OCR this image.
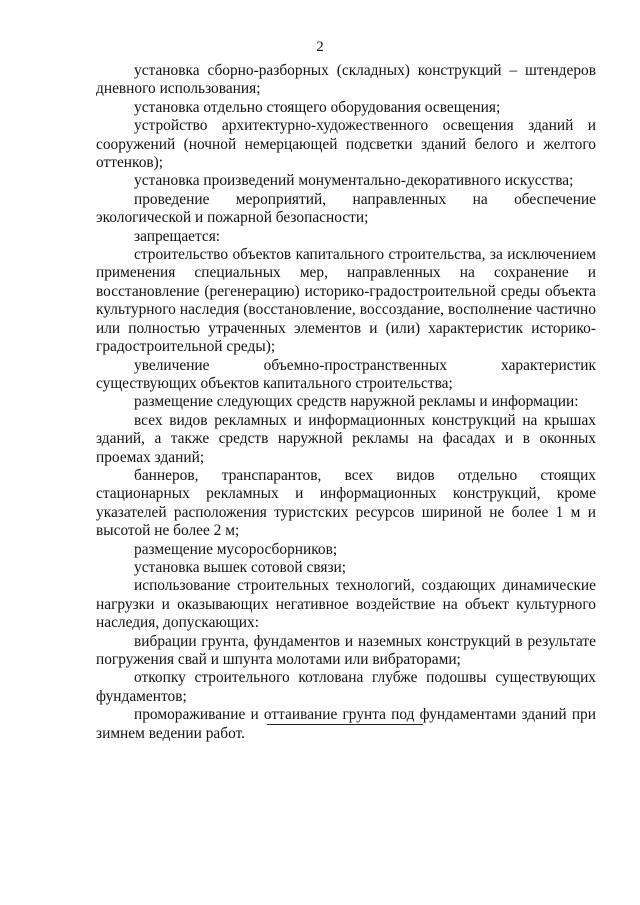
2

установка сборно-разборных (складных) конструкций – штендеров дневного использования;

установка отдельно стоящего оборудования освещения;

устройство архитектурно-художественного освещения зданий и сооружений (ночной немерцающей подсветки зданий белого и желтого оттенков);

установка произведений монументально-декоративного искусства;

проведение мероприятий, направленных на обеспечение экологической и пожарной безопасности;

запрещается:

строительство объектов капитального строительства, за исключением применения специальных мер, направленных на сохранение и восстановление (регенерацию) историко-градостроительной среды объекта культурного наследия (восстановление, воссоздание, восполнение частично или полностью утраченных элементов и (или) характеристик историко-градостроительной среды);

увеличение объемно-пространственных характеристик существующих объектов капитального строительства;

размещение следующих средств наружной рекламы и информации:

всех видов рекламных и информационных конструкций на крышах зданий, а также средств наружной рекламы на фасадах и в оконных проемах зданий;

баннеров, транспарантов, всех видов отдельно стоящих стационарных рекламных и информационных конструкций, кроме указателей расположения туристских ресурсов шириной не более 1 м и высотой не более 2 м;

размещение мусоросборников;

установка вышек сотовой связи;

использование строительных технологий, создающих динамические нагрузки и оказывающих негативное воздействие на объект культурного наследия, допускающих:

вибрации грунта, фундаментов и наземных конструкций в результате погружения свай и шпунта молотами или вибраторами;

откопку строительного котлована глубже подошвы существующих фундаментов;

промораживание и оттаивание грунта под фундаментами зданий при зимнем ведении работ.
